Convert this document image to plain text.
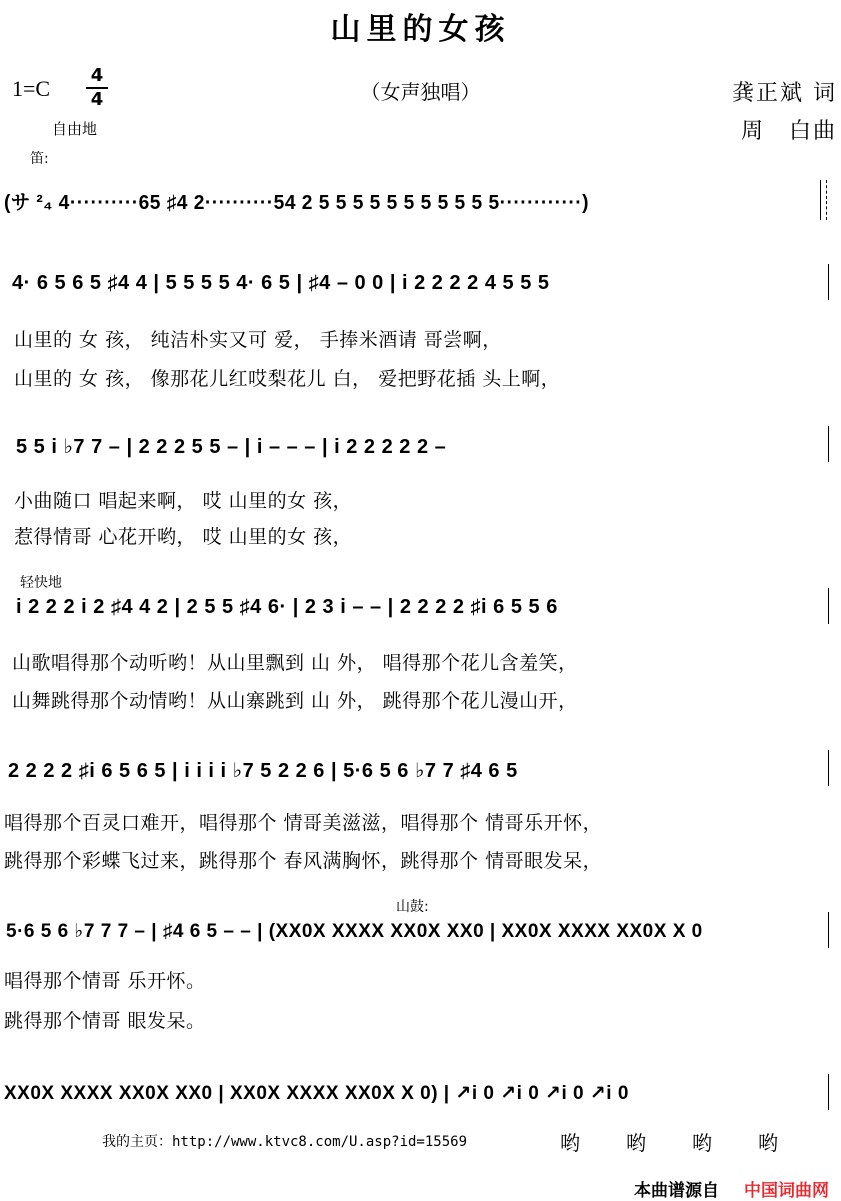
山里的女孩
1=C
4
4
自由地
（女声独唱）	龚正斌 词
周　白曲
笛:
(サ ²₄ 4··········65 ♯4 2··········54 2 5 5 5 5 5 5 5 5 5 5 5············)
4· 6 5 6 5 ♯4 4 | 5 5 5 5 4· 6 5 | ♯4 – 0 0 | i 2 2 2 2 4 5 5 5
山里的 女 孩， 纯洁朴实又可 爱， 手捧米酒请 哥尝啊，
山里的 女 孩， 像那花儿红哎梨花儿 白， 爱把野花插 头上啊，
5 5 i ♭7 7 – | 2 2 2 5 5 – | i – – – | i 2 2 2 2 2 –
小曲随口 唱起来啊， 哎 山里的女 孩，
惹得情哥 心花开哟， 哎 山里的女 孩，
轻快地
i 2 2 2 i 2 ♯4 4 2 | 2 5 5 ♯4 6· | 2 3 i – – | 2 2 2 2 ♯i 6 5 5 6
山歌唱得那个动听哟！从山里飘到 山 外， 唱得那个花儿含羞笑，
山舞跳得那个动情哟！从山寨跳到 山 外， 跳得那个花儿漫山开，
2 2 2 2 ♯i 6 5 6 5 | i i i i ♭7 5 2 2 6 | 5·6 5 6 ♭7 7 ♯4 6 5
唱得那个百灵口难开，唱得那个 情哥美滋滋，唱得那个 情哥乐开怀，
跳得那个彩蝶飞过来，跳得那个 春风满胸怀，跳得那个 情哥眼发呆，
山鼓:
5·6 5 6 ♭7 7 7 – | ♯4 6 5 – – | (XX0X XXXX XX0X XX0 | XX0X XXXX XX0X X 0
唱得那个情哥 乐开怀。
跳得那个情哥 眼发呆。
XX0X XXXX XX0X XX0 | XX0X XXXX XX0X X 0) | ↗i 0 ↗i 0 ↗i 0 ↗i 0
我的主页：http://www.ktvc8.com/U.asp?id=15569	哟 哟 哟 哟
本曲谱源自 中国词曲网
